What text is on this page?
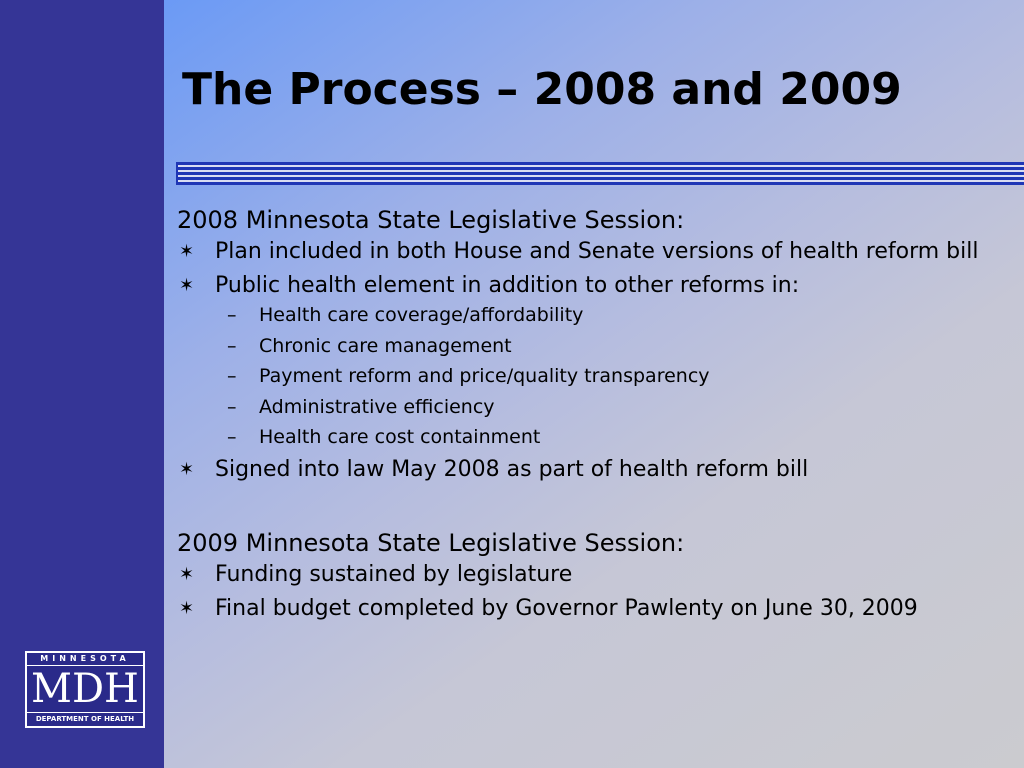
The Process – 2008 and 2009
2008 Minnesota State Legislative Session:
✶ Plan included in both House and Senate versions of health reform bill
✶ Public health element in addition to other reforms in:
– Health care coverage/affordability
– Chronic care management
– Payment reform and price/quality transparency
– Administrative efficiency
– Health care cost containment
✶ Signed into law May 2008 as part of health reform bill
2009 Minnesota State Legislative Session:
✶ Funding sustained by legislature
✶ Final budget completed by Governor Pawlenty on June 30, 2009
MINNESOTA
MDH
DEPARTMENT OF HEALTH
